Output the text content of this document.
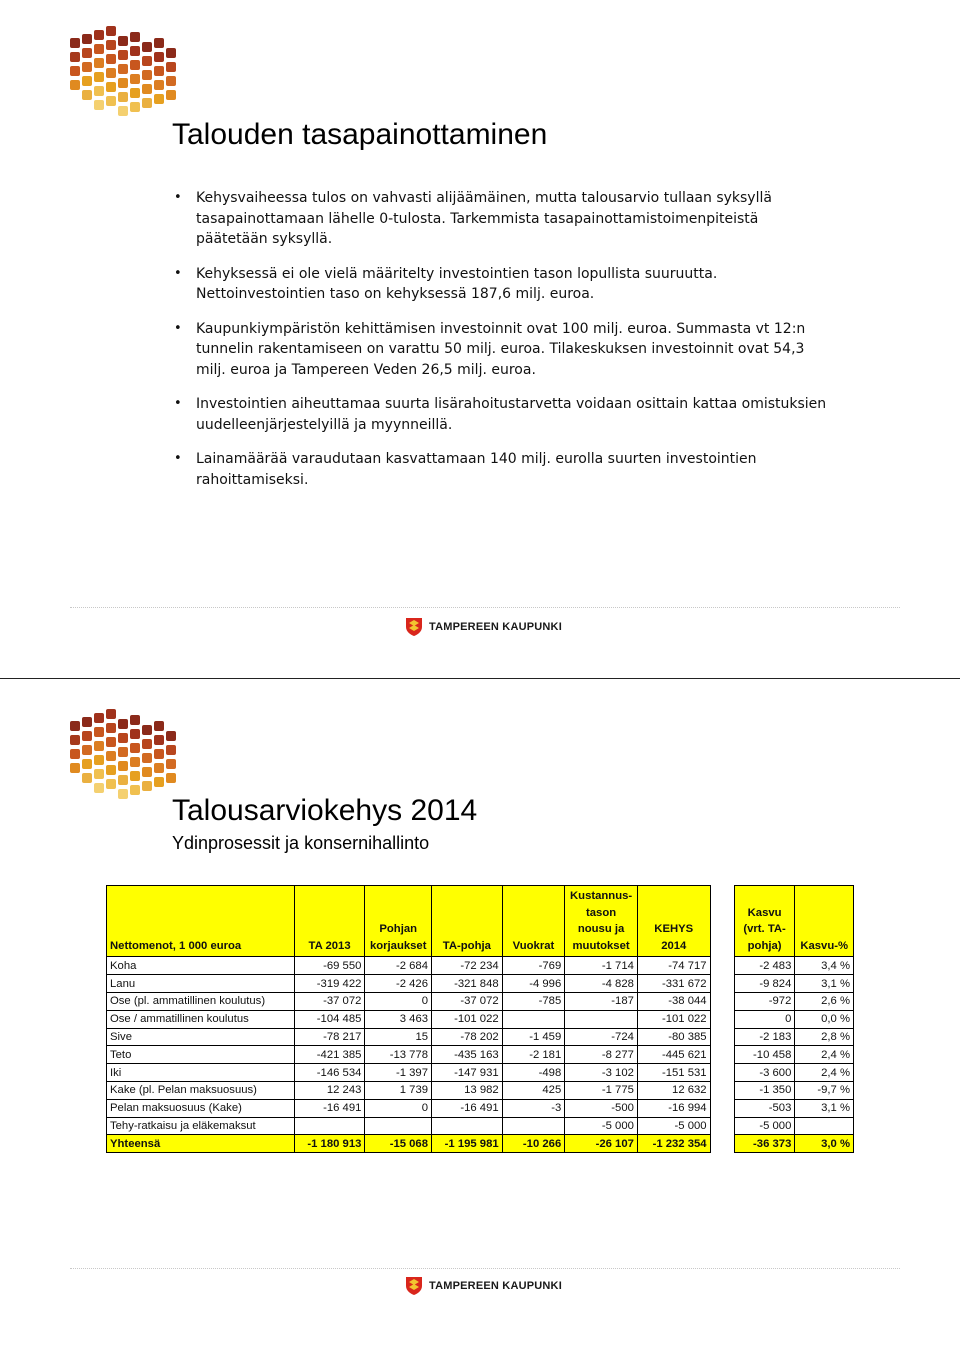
Talouden tasapainottaminen
• Kehysvaiheessa tulos on vahvasti alijäämäinen, mutta talousarvio tullaan syksyllä tasapainottamaan lähelle 0-tulosta. Tarkemmista tasapainottamistoimenpiteistä päätetään syksyllä.
• Kehyksessä ei ole vielä määritelty investointien tason lopullista suuruutta. Nettoinvestointien taso on kehyksessä 187,6 milj. euroa.
• Kaupunkiympäristön kehittämisen investoinnit ovat 100 milj. euroa. Summasta vt 12:n tunnelin rakentamiseen on varattu 50 milj. euroa. Tilakeskuksen investoinnit ovat 54,3 milj. euroa ja Tampereen Veden 26,5 milj. euroa.
• Investointien aiheuttamaa suurta lisärahoitustarvetta voidaan osittain kattaa omistuksien uudelleenjärjestelyillä ja myynneillä.
• Lainamäärää varaudutaan kasvattamaan 140 milj. eurolla suurten investointien rahoittamiseksi.
TAMPEREEN KAUPUNKI
Talousarviokehys 2014
Ydinprosessit ja konsernihallinto
Nettomenot, 1 000 euroa	TA 2013	Pohjan korjaukset	TA-pohja	Vuokrat	Kustannus-tason nousu ja muutokset	KEHYS 2014		Kasvu (vrt. TA-pohja)	Kasvu-%
Koha	-69 550	-2 684	-72 234	-769	-1 714	-74 717		-2 483	3,4 %
Lanu	-319 422	-2 426	-321 848	-4 996	-4 828	-331 672		-9 824	3,1 %
Ose (pl. ammatillinen koulutus)	-37 072	0	-37 072	-785	-187	-38 044		-972	2,6 %
Ose / ammatillinen koulutus	-104 485	3 463	-101 022			-101 022		0	0,0 %
Sive	-78 217	15	-78 202	-1 459	-724	-80 385		-2 183	2,8 %
Teto	-421 385	-13 778	-435 163	-2 181	-8 277	-445 621		-10 458	2,4 %
Iki	-146 534	-1 397	-147 931	-498	-3 102	-151 531		-3 600	2,4 %
Kake (pl. Pelan maksuosuus)	12 243	1 739	13 982	425	-1 775	12 632		-1 350	-9,7 %
Pelan maksuosuus (Kake)	-16 491	0	-16 491	-3	-500	-16 994		-503	3,1 %
Tehy-ratkaisu ja eläkemaksut					-5 000	-5 000		-5 000	
Yhteensä	-1 180 913	-15 068	-1 195 981	-10 266	-26 107	-1 232 354		-36 373	3,0 %
TAMPEREEN KAUPUNKI
